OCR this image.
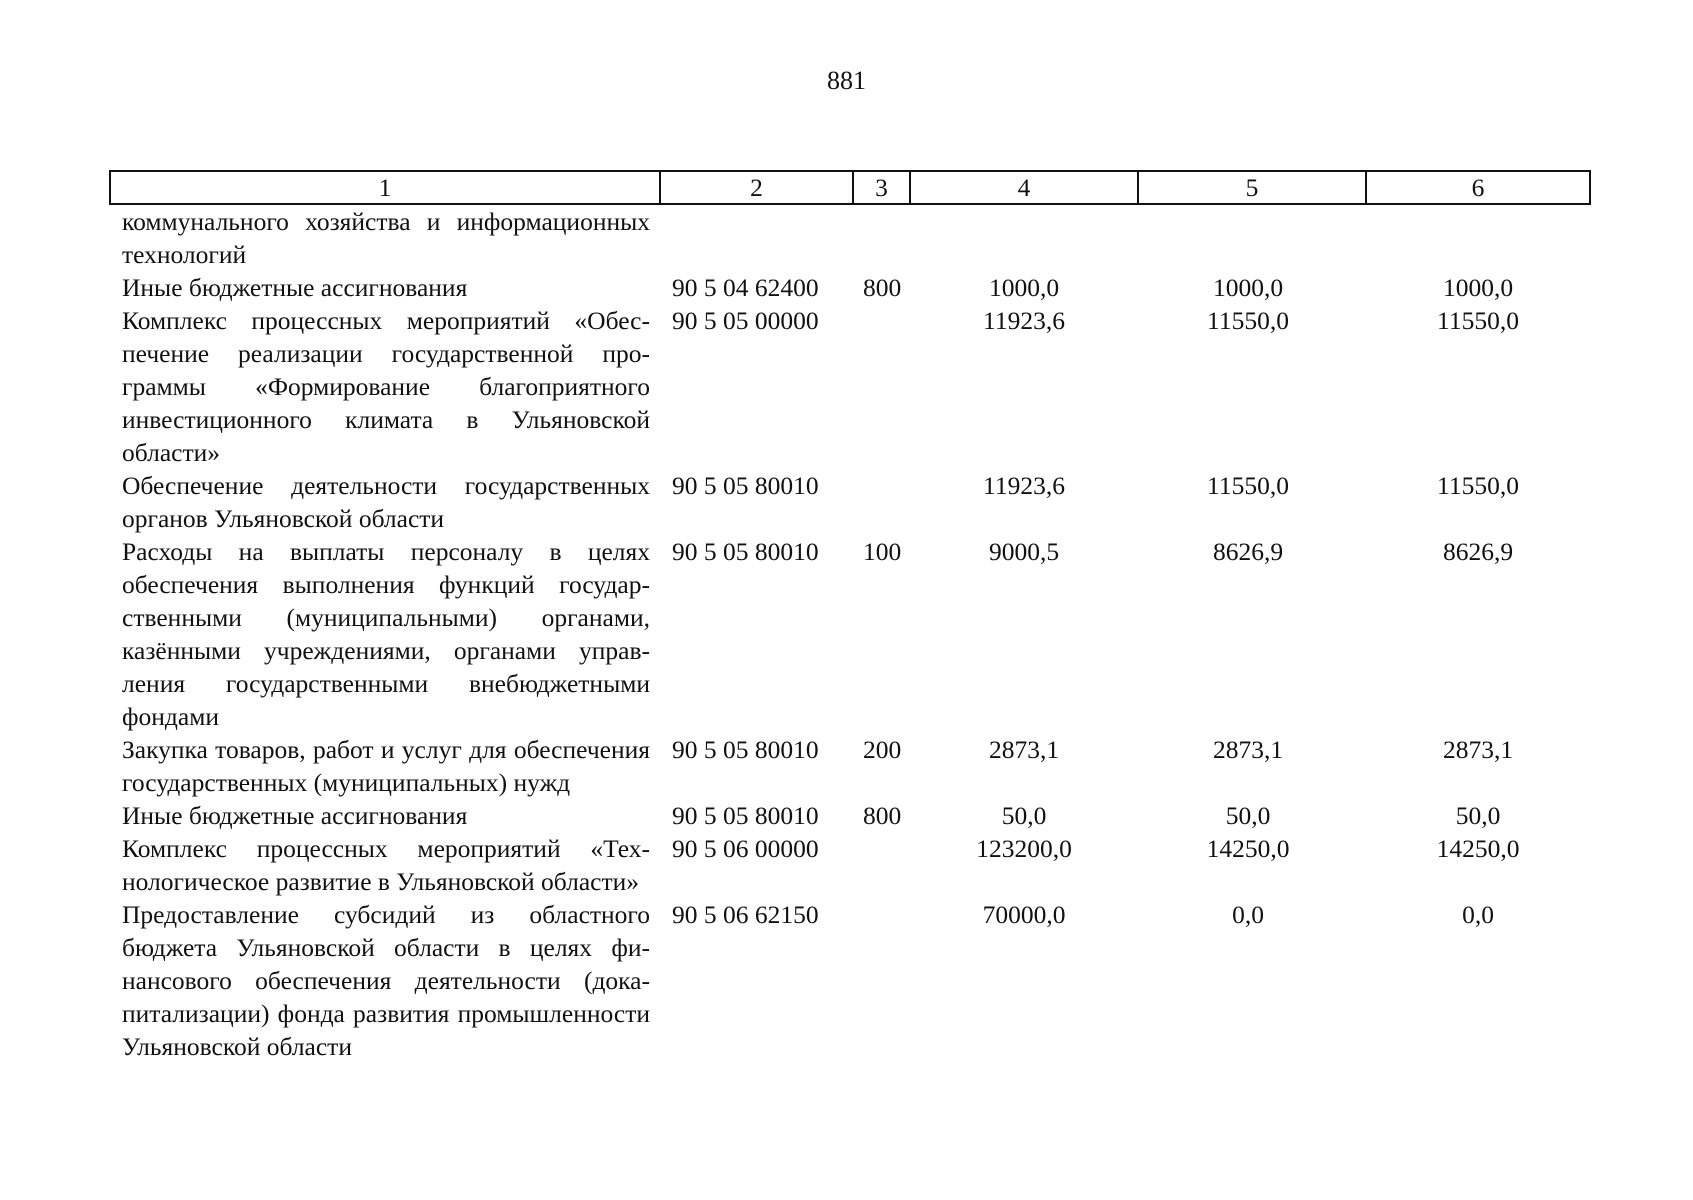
881
1	2	3	4	5	6
коммунального хозяйства и информационных технологий					
Иные бюджетные ассигнования	90 5 04 62400	800	1000,0	1000,0	1000,0
Комплекс процессных мероприятий «Обеспечение реализации государственной программы «Формирование благоприятного инвестиционного климата в Ульяновской области»	90 5 05 00000		11923,6	11550,0	11550,0
Обеспечение деятельности государственных органов Ульяновской области	90 5 05 80010		11923,6	11550,0	11550,0
Расходы на выплаты персоналу в целях обеспечения выполнения функций государственными (муниципальными) органами, казёнными учреждениями, органами управления государственными внебюджетными фондами	90 5 05 80010	100	9000,5	8626,9	8626,9
Закупка товаров, работ и услуг для обеспечения государственных (муниципальных) нужд	90 5 05 80010	200	2873,1	2873,1	2873,1
Иные бюджетные ассигнования	90 5 05 80010	800	50,0	50,0	50,0
Комплекс процессных мероприятий «Технологическое развитие в Ульяновской области»	90 5 06 00000		123200,0	14250,0	14250,0
Предоставление субсидий из областного бюджета Ульяновской области в целях финансового обеспечения деятельности (докапитализации) фонда развития промышленности Ульяновской области	90 5 06 62150		70000,0	0,0	0,0
